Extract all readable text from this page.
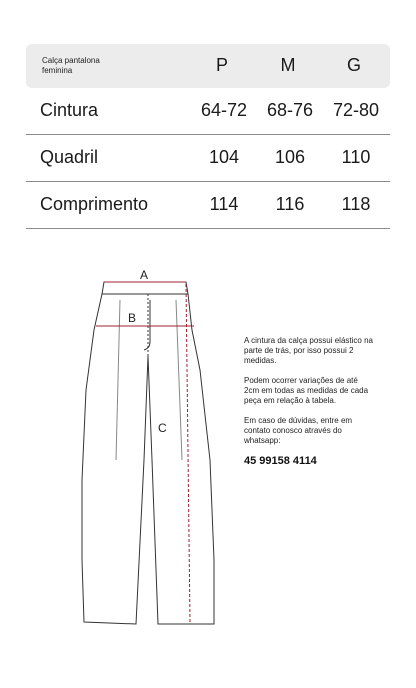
Calça pantalona feminina	P	M	G
Cintura	64-72	68-76	72-80
Quadril	104	106	110
Comprimento	114	116	118
A
B
C

A cintura da calça possui elástico na parte de trás, por isso possui 2 medidas.

Podem ocorrer variações de até 2cm em todas as medidas de cada peça em relação à tabela.

Em caso de dúvidas, entre em contato conosco através do whatsapp:

45 99158 4114
